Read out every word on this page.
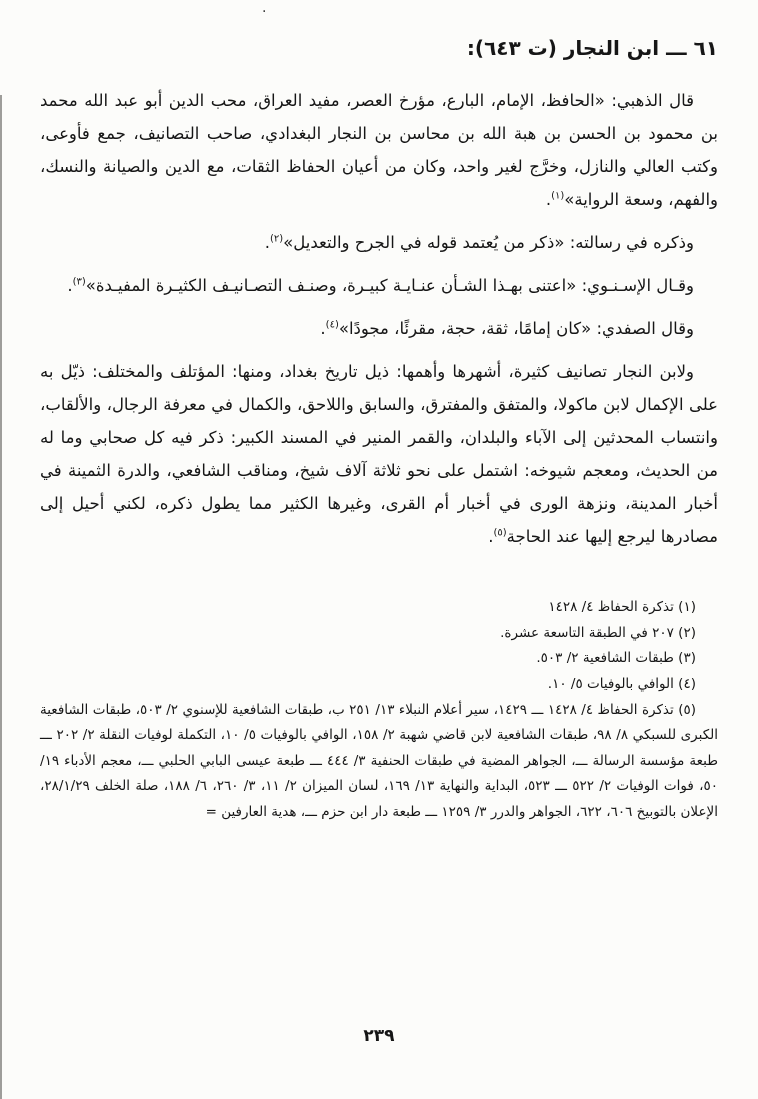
·
٦١ ـــ ابن النجار (ت ٦٤٣):

قال الذهبي: «الحافظ، الإمام، البارع، مؤرخ العصر، مفيد العراق، محب الدين أبو عبد الله محمد بن محمود بن الحسن بن هبة الله بن محاسن بن النجار البغدادي، صاحب التصانيف، جمع فأوعى، وكتب العالي والنازل، وخرَّج لغير واحد، وكان من أعيان الحفاظ الثقات، مع الدين والصيانة والنسك، والفهم، وسعة الرواية»$^{(١)}$.

وذكره في رسالته: «ذكر من يُعتمد قوله في الجرح والتعديل»$^{(٢)}$.

وقـال الإسـنـوي: «اعتنى بهـذا الشـأن عنـايـة كبيـرة، وصنـف التصـانيـف الكثيـرة المفيـدة»$^{(٣)}$.

وقال الصفدي: «كان إمامًا، ثقة، حجة، مقرئًا، مجودًا»$^{(٤)}$.

ولابن النجار تصانيف كثيرة، أشهرها وأهمها: ذيل تاريخ بغداد، ومنها: المؤتلف والمختلف: ذيّل به على الإكمال لابن ماكولا، والمتفق والمفترق، والسابق واللاحق، والكمال في معرفة الرجال، والألقاب، وانتساب المحدثين إلى الآباء والبلدان، والقمر المنير في المسند الكبير: ذكر فيه كل صحابي وما له من الحديث، ومعجم شيوخه: اشتمل على نحو ثلاثة آلاف شيخ، ومناقب الشافعي، والدرة الثمينة في أخبار المدينة، ونزهة الورى في أخبار أم القرى، وغيرها الكثير مما يطول ذكره، لكني أحيل إلى مصادرها ليرجع إليها عند الحاجة$^{(٥)}$.

(١) تذكرة الحفاظ ٤/ ١٤٢٨

(٢) ٢٠٧ في الطبقة التاسعة عشرة.

(٣) طبقات الشافعية ٢/ ٥٠٣.

(٤) الوافي بالوفيات ٥/ ١٠.

(٥) تذكرة الحفاظ ٤/ ١٤٢٨ ـــ ١٤٢٩، سير أعلام النبلاء ١٣/ ٢٥١ ب، طبقات الشافعية للإسنوي ٢/ ٥٠٣، طبقات الشافعية الكبرى للسبكي ٨/ ٩٨، طبقات الشافعية لابن قاضي شهبة ٢/ ١٥٨، الوافي بالوفيات ٥/ ١٠، التكملة لوفيات النقلة ٢/ ٢٠٢ ـــ طبعة مؤسسة الرسالة ـــ، الجواهر المضية في طبقات الحنفية ٣/ ٤٤٤ ـــ طبعة عيسى البابي الحلبي ـــ، معجم الأدباء ١٩/ ٥٠، فوات الوفيات ٢/ ٥٢٢ ـــ ٥٢٣، البداية والنهاية ١٣/ ١٦٩، لسان الميزان ٢/ ١١، ٣/ ٢٦٠، ٦/ ١٨٨، صلة الخلف ٢٨/١/٢٩، الإعلان بالتوبيخ ٦٠٦، ٦٢٢، الجواهر والدرر ٣/ ١٢٥٩ ـــ طبعة دار ابن حزم ـــ، هدية العارفين =

٢٣٩
